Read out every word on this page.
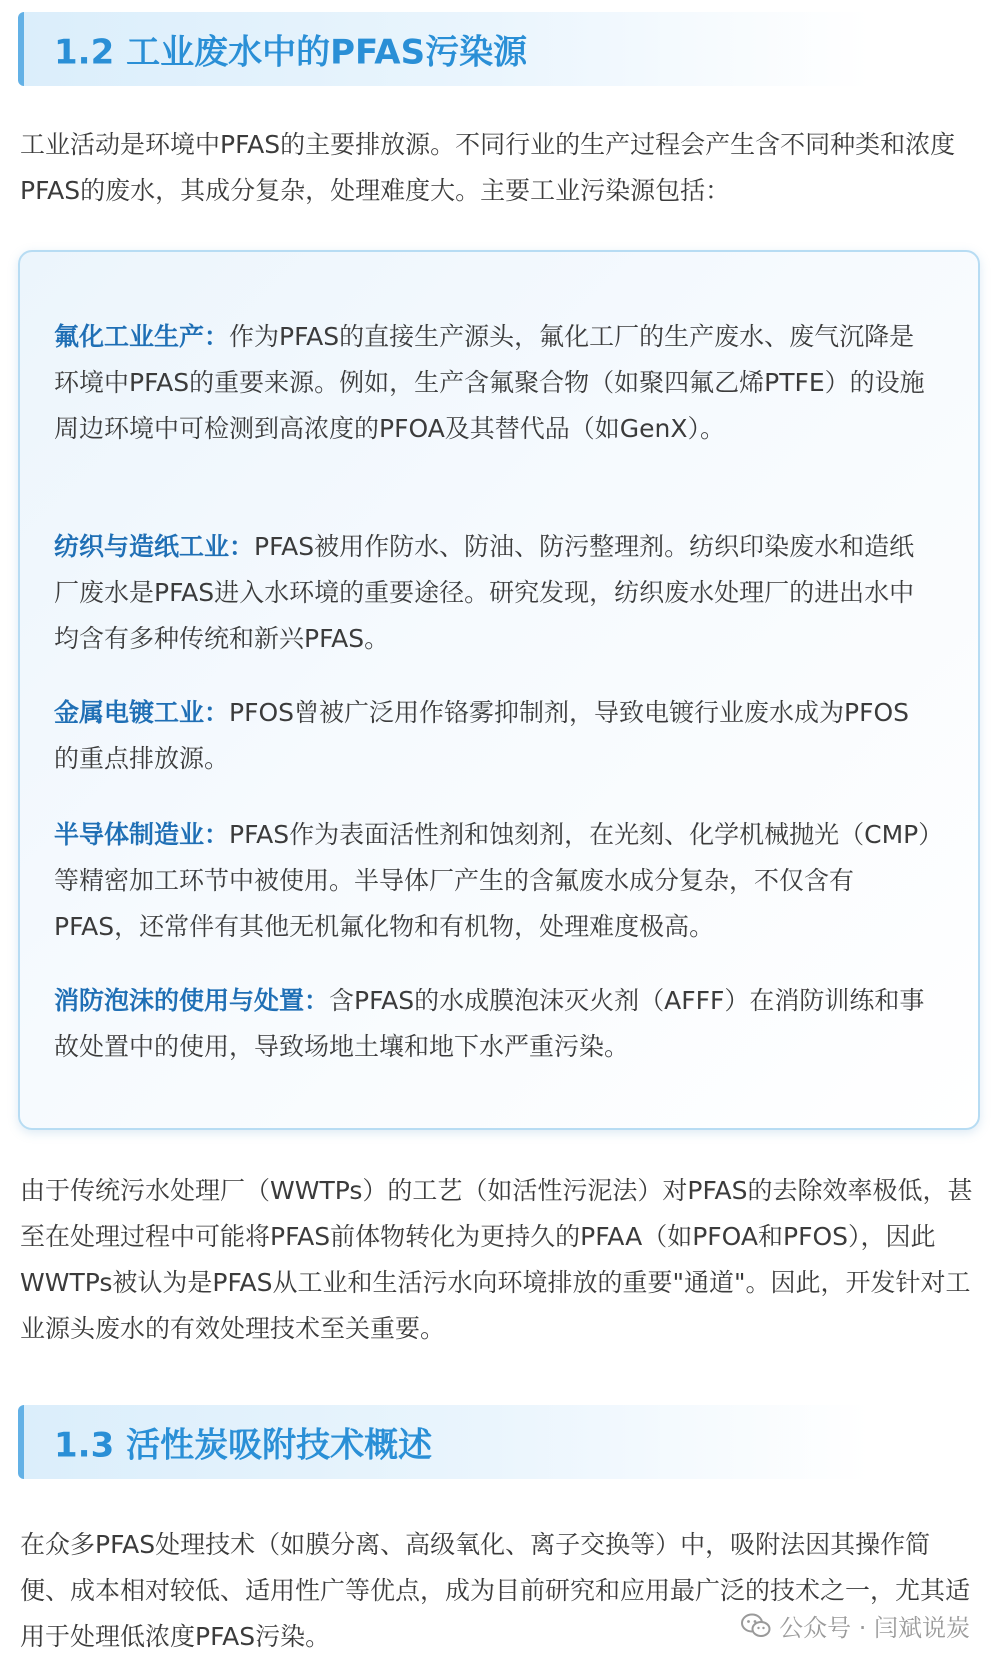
1.2 工业废水中的PFAS污染源

工业活动是环境中PFAS的主要排放源。不同行业的生产过程会产生含不同种类和浓度PFAS的废水，其成分复杂，处理难度大。主要工业污染源包括：

氟化工业生产：作为PFAS的直接生产源头，氟化工厂的生产废水、废气沉降是环境中PFAS的重要来源。例如，生产含氟聚合物（如聚四氟乙烯PTFE）的设施周边环境中可检测到高浓度的PFOA及其替代品（如GenX）。

纺织与造纸工业：PFAS被用作防水、防油、防污整理剂。纺织印染废水和造纸厂废水是PFAS进入水环境的重要途径。研究发现，纺织废水处理厂的进出水中均含有多种传统和新兴PFAS。

金属电镀工业：PFOS曾被广泛用作铬雾抑制剂，导致电镀行业废水成为PFOS的重点排放源。

半导体制造业：PFAS作为表面活性剂和蚀刻剂，在光刻、化学机械抛光（CMP）等精密加工环节中被使用。半导体厂产生的含氟废水成分复杂，不仅含有PFAS，还常伴有其他无机氟化物和有机物，处理难度极高。

消防泡沫的使用与处置：含PFAS的水成膜泡沫灭火剂（AFFF）在消防训练和事故处置中的使用，导致场地土壤和地下水严重污染。

由于传统污水处理厂（WWTPs）的工艺（如活性污泥法）对PFAS的去除效率极低，甚至在处理过程中可能将PFAS前体物转化为更持久的PFAA（如PFOA和PFOS），因此WWTPs被认为是PFAS从工业和生活污水向环境排放的重要"通道"。因此，开发针对工业源头废水的有效处理技术至关重要。

1.3 活性炭吸附技术概述

在众多PFAS处理技术（如膜分离、高级氧化、离子交换等）中，吸附法因其操作简便、成本相对较低、适用性广等优点，成为目前研究和应用最广泛的技术之一，尤其适用于处理低浓度PFAS污染。	公众号 · 闫斌说炭
